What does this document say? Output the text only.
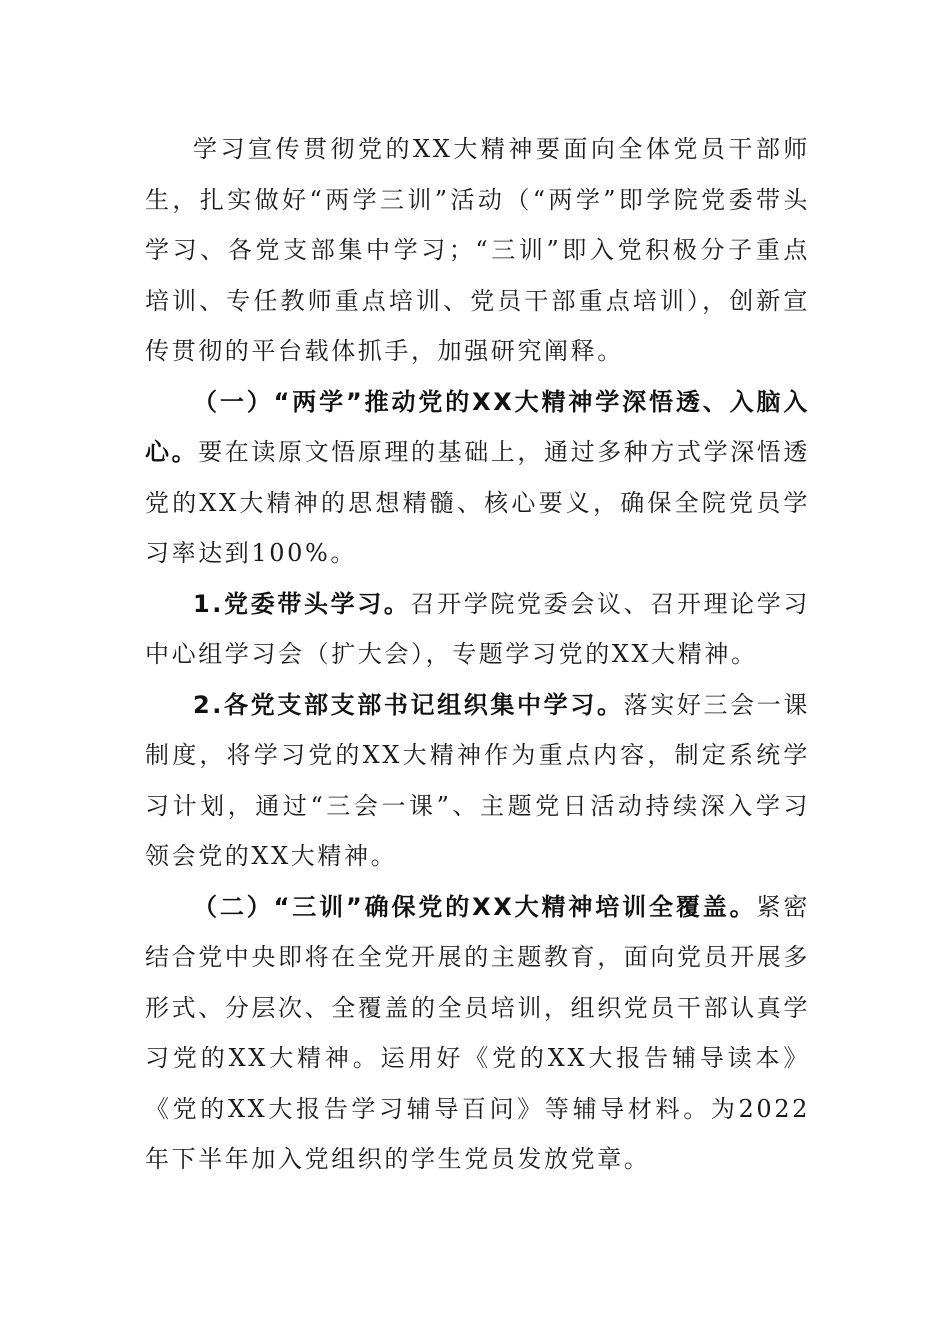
学习宣传贯彻党的XX大精神要面向全体党员干部师生，扎实做好“两学三训”活动（“两学”即学院党委带头学习、各党支部集中学习；“三训”即入党积极分子重点培训、专任教师重点培训、党员干部重点培训），创新宣传贯彻的平台载体抓手，加强研究阐释。

（一）“两学”推动党的XX大精神学深悟透、入脑入心。要在读原文悟原理的基础上，通过多种方式学深悟透党的XX大精神的思想精髓、核心要义，确保全院党员学习率达到100%。

1.党委带头学习。召开学院党委会议、召开理论学习中心组学习会（扩大会），专题学习党的XX大精神。

2.各党支部支部书记组织集中学习。落实好三会一课制度，将学习党的XX大精神作为重点内容，制定系统学习计划，通过“三会一课”、主题党日活动持续深入学习领会党的XX大精神。

（二）“三训”确保党的XX大精神培训全覆盖。紧密结合党中央即将在全党开展的主题教育，面向党员开展多形式、分层次、全覆盖的全员培训，组织党员干部认真学习党的XX大精神。运用好《党的XX大报告辅导读本》《党的XX大报告学习辅导百问》等辅导材料。为2022年下半年加入党组织的学生党员发放党章。
